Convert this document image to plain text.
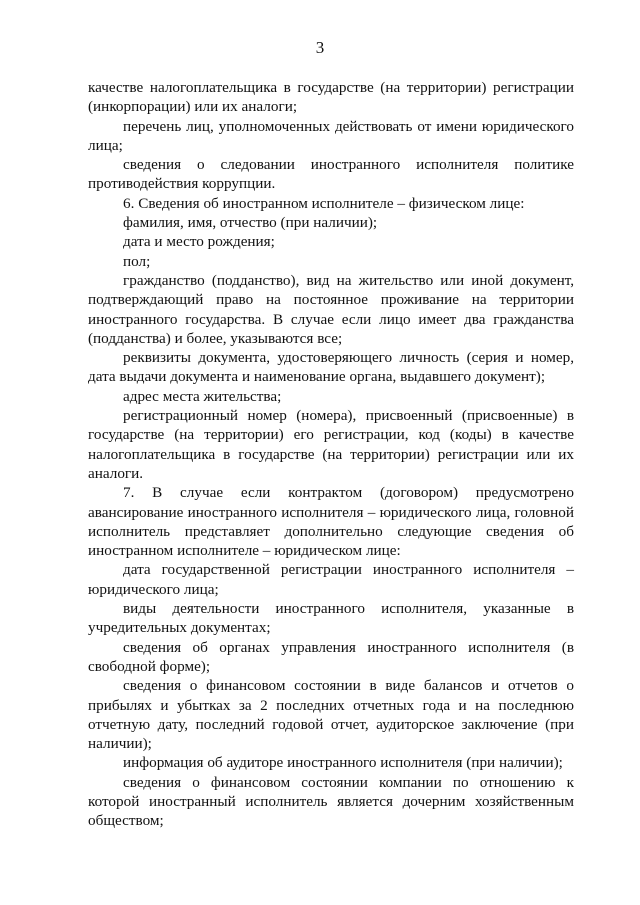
3

качестве налогоплательщика в государстве (на территории) регистрации (инкорпорации) или их аналоги;

перечень лиц, уполномоченных действовать от имени юридического лица;

сведения о следовании иностранного исполнителя политике противодействия коррупции.

6. Сведения об иностранном исполнителе – физическом лице:

фамилия, имя, отчество (при наличии);

дата и место рождения;

пол;

гражданство (подданство), вид на жительство или иной документ, подтверждающий право на постоянное проживание на территории иностранного государства. В случае если лицо имеет два гражданства (подданства) и более, указываются все;

реквизиты документа, удостоверяющего личность (серия и номер, дата выдачи документа и наименование органа, выдавшего документ);

адрес места жительства;

регистрационный номер (номера), присвоенный (присвоенные) в государстве (на территории) его регистрации, код (коды) в качестве налогоплательщика в государстве (на территории) регистрации или их аналоги.

7. В случае если контрактом (договором) предусмотрено авансирование иностранного исполнителя – юридического лица, головной исполнитель представляет дополнительно следующие сведения об иностранном исполнителе – юридическом лице:

дата государственной регистрации иностранного исполнителя – юридического лица;

виды деятельности иностранного исполнителя, указанные в учредительных документах;

сведения об органах управления иностранного исполнителя (в свободной форме);

сведения о финансовом состоянии в виде балансов и отчетов о прибылях и убытках за 2 последних отчетных года и на последнюю отчетную дату, последний годовой отчет, аудиторское заключение (при наличии);

информация об аудиторе иностранного исполнителя (при наличии);

сведения о финансовом состоянии компании по отношению к которой иностранный исполнитель является дочерним хозяйственным обществом;
